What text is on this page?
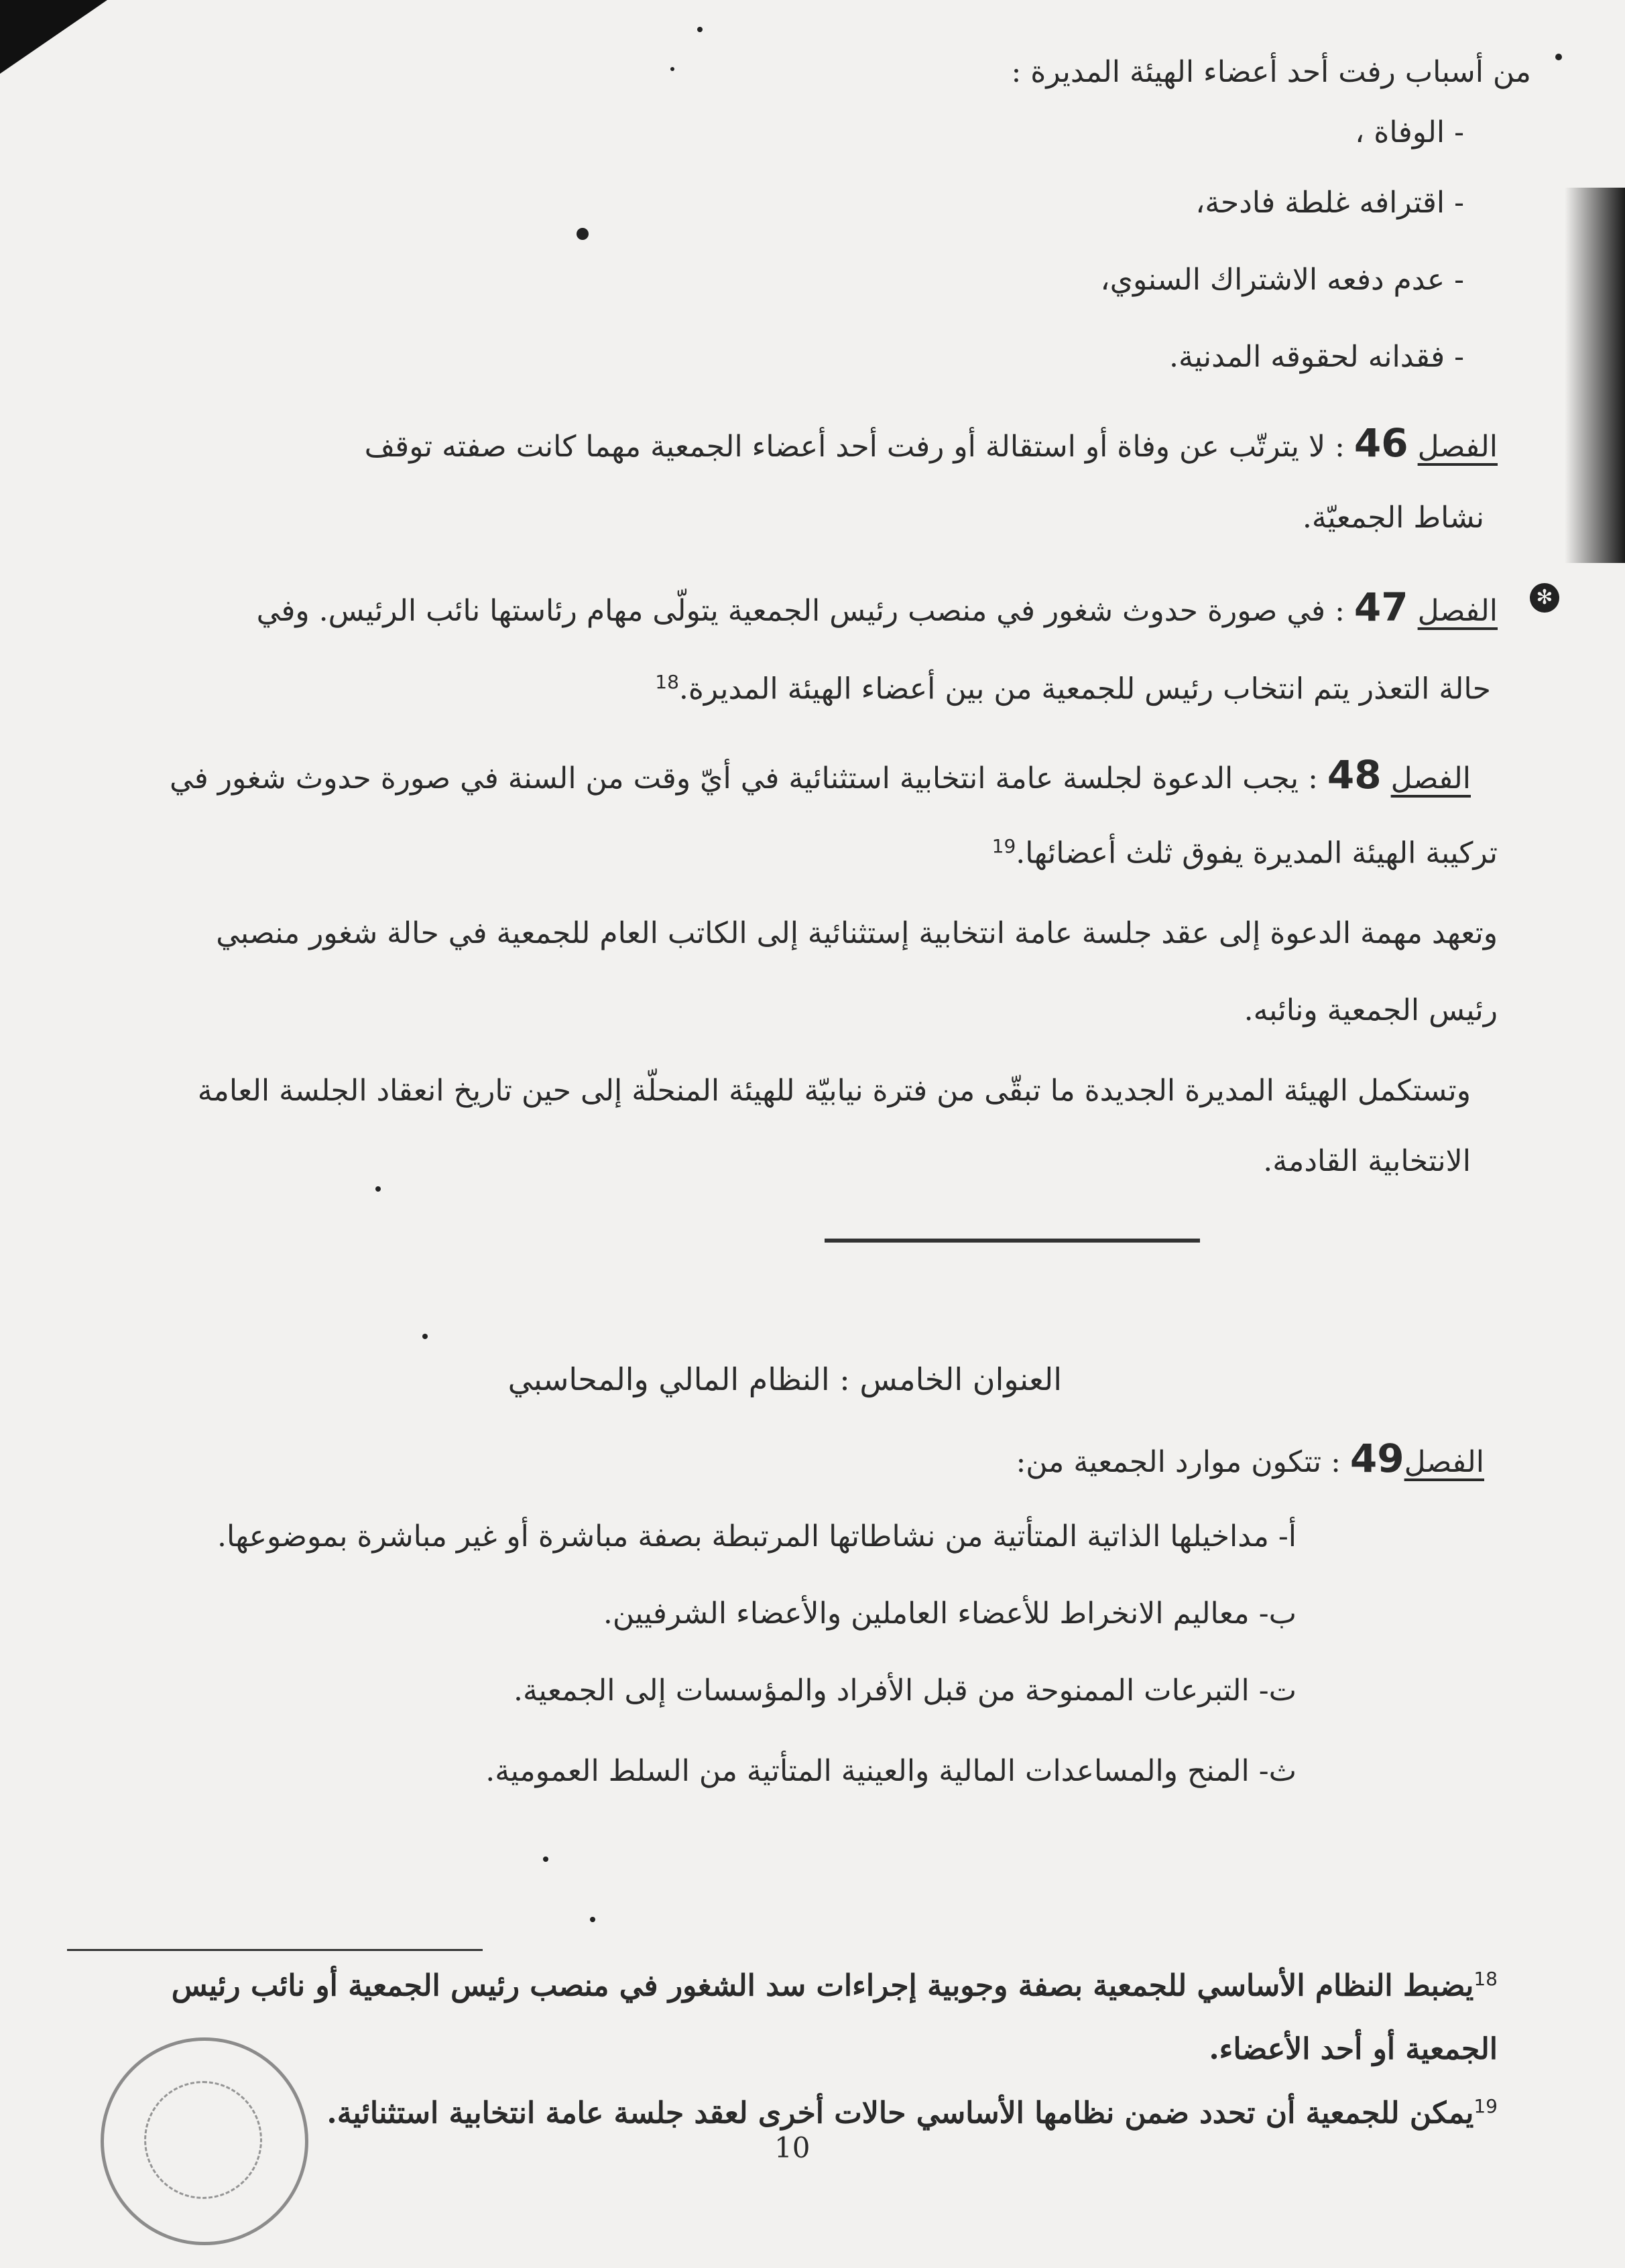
من أسباب رفت أحد أعضاء الهيئة المديرة :
- الوفاة ،
- اقترافه غلطة فادحة،
- عدم دفعه الاشتراك السنوي،
- فقدانه لحقوقه المدنية.
الفصل 46 : لا يترتّب عن وفاة أو استقالة أو رفت أحد أعضاء الجمعية مهما كانت صفته توقف
نشاط الجمعيّة.
✻
الفصل 47 : في صورة حدوث شغور في منصب رئيس الجمعية يتولّى مهام رئاستها نائب الرئيس. وفي
حالة التعذر يتم انتخاب رئيس للجمعية من بين أعضاء الهيئة المديرة.$^{18}$
الفصل 48 : يجب الدعوة لجلسة عامة انتخابية استثنائية في أيّ وقت من السنة في صورة حدوث شغور في
تركيبة الهيئة المديرة يفوق ثلث أعضائها.$^{19}$
وتعهد مهمة الدعوة إلى عقد جلسة عامة انتخابية إستثنائية إلى الكاتب العام للجمعية في حالة شغور منصبي
رئيس الجمعية ونائبه.
وتستكمل الهيئة المديرة الجديدة ما تبقّى من فترة نيابيّة للهيئة المنحلّة إلى حين تاريخ انعقاد الجلسة العامة
الانتخابية القادمة.
العنوان الخامس : النظام المالي والمحاسبي
الفصل49 : تتكون موارد الجمعية من:
أ- مداخيلها الذاتية المتأتية من نشاطاتها المرتبطة بصفة مباشرة أو غير مباشرة بموضوعها.
ب- معاليم الانخراط للأعضاء العاملين والأعضاء الشرفيين.
ت- التبرعات الممنوحة من قبل الأفراد والمؤسسات إلى الجمعية.
ث- المنح والمساعدات المالية والعينية المتأتية من السلط العمومية.
$^{18}$يضبط النظام الأساسي للجمعية بصفة وجوبية إجراءات سد الشغور في منصب رئيس الجمعية أو نائب رئيس
الجمعية أو أحد الأعضاء.
$^{19}$يمكن للجمعية أن تحدد ضمن نظامها الأساسي حالات أخرى لعقد جلسة عامة انتخابية استثنائية.
10
